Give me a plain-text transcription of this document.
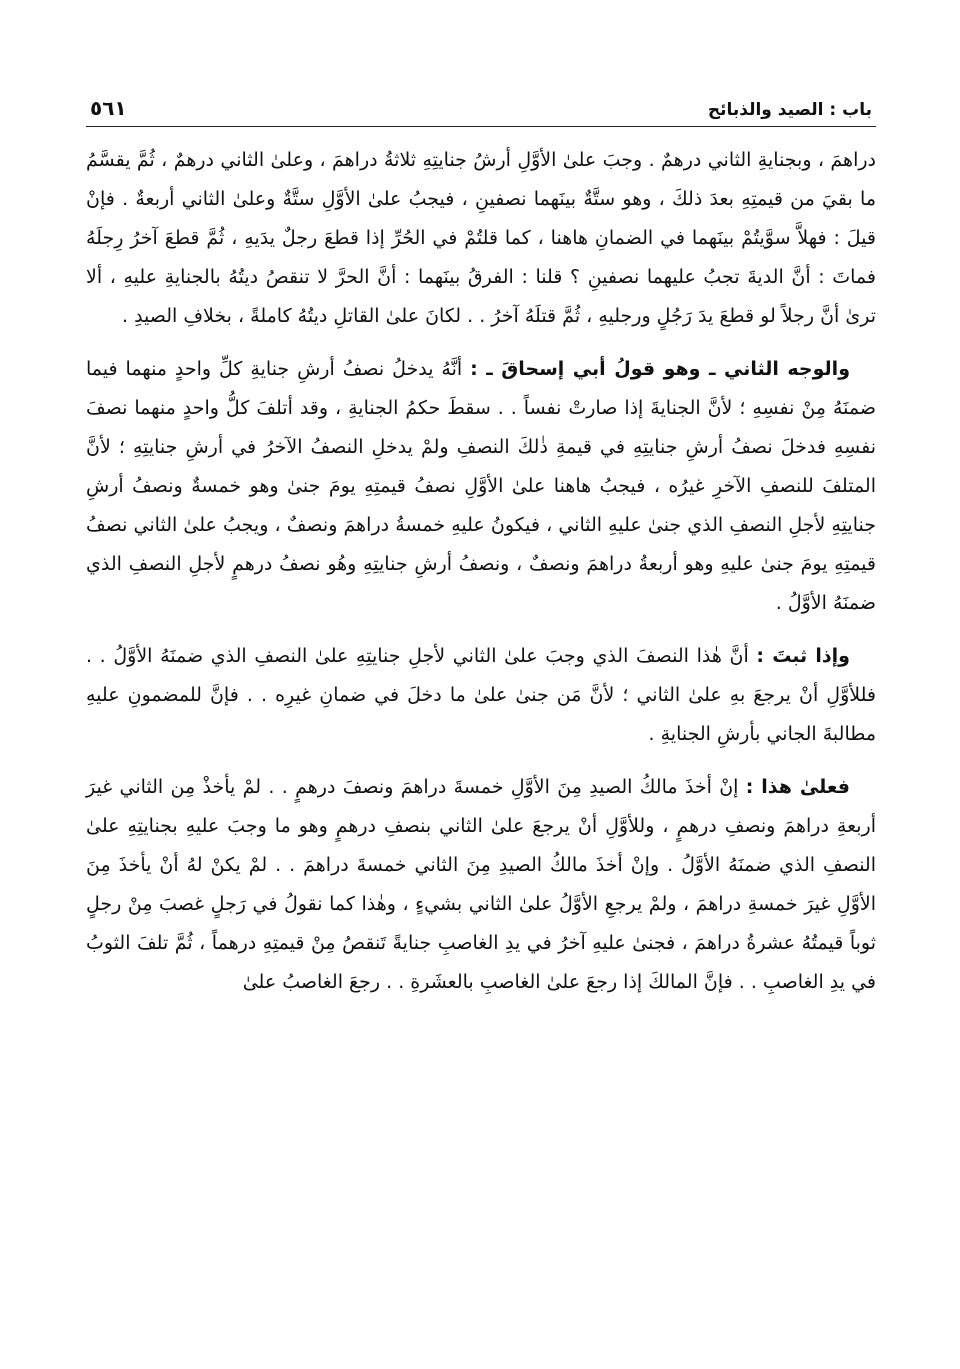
باب : الصيد والذبائح
٥٦١

دراهمَ ، وبجنايةِ الثاني درهمٌ . وجبَ علىٰ الأوَّلِ أرشُ جنايتِهِ ثلاثةُ دراهمَ ، وعلىٰ الثاني درهمٌ ، ثُمَّ يقسَّمُ ما بقيَ من قيمتِهِ بعدَ ذلكَ ، وهو ستَّةٌ بينَهما نصفينِ ، فيجبُ علىٰ الأوَّلِ ستَّةٌ وعلىٰ الثاني أربعةٌ . فإنْ قيلَ : فهلاَّ سوَّيتُمْ بينَهما في الضمانِ هاهنا ، كما قلتُمْ في الحُرِّ إذا قطعَ رجلٌ يدَيهِ ، ثُمَّ قطعَ آخرُ رِجلَهُ فماتَ : أنَّ الديةَ تجبُ عليهما نصفينِ ؟ قلنا : الفرقُ بينَهما : أنَّ الحرَّ لا تنقصُ ديتُهُ بالجنايةِ عليهِ ، ألا ترىٰ أنَّ رجلاً لو قطعَ يدَ رَجُلٍ ورجليهِ ، ثُمَّ قتلَهُ آخرُ . . لكانَ علىٰ القاتلِ ديتُهُ كاملةً ، بخلافِ الصيدِ .

والوجه الثاني ـ وهو قولُ أبي إسحاقَ ـ : أنَّهُ يدخلُ نصفُ أرشِ جنايةِ كلِّ واحدٍ منهما فيما ضمنَهُ مِنْ نفسِهِ ؛ لأنَّ الجنايةَ إذا صارتْ نفساً . . سقطَ حكمُ الجنايةِ ، وقد أتلفَ كلُّ واحدٍ منهما نصفَ نفسِهِ فدخلَ نصفُ أرشِ جنايتِهِ في قيمةِ ذٰلكَ النصفِ ولمْ يدخلِ النصفُ الآخرُ في أرشِ جنايتِهِ ؛ لأنَّ المتلفَ للنصفِ الآخرِ غيرُه ، فيجبُ هاهنا علىٰ الأوَّلِ نصفُ قيمتِهِ يومَ جنىٰ وهو خمسةٌ ونصفُ أرشِ جنايتِهِ لأجلِ النصفِ الذي جنىٰ عليهِ الثاني ، فيكونُ عليهِ خمسةُ دراهمَ ونصفٌ ، ويجبُ علىٰ الثاني نصفُ قيمتِهِ يومَ جنىٰ عليهِ وهو أربعةُ دراهمَ ونصفٌ ، ونصفُ أرشِ جنايتِهِ وهُو نصفُ درهمٍ لأجلِ النصفِ الذي ضمنَهُ الأوَّلُ .

وإذا ثبتَ : أنَّ هٰذا النصفَ الذي وجبَ علىٰ الثاني لأجلِ جنايتِهِ علىٰ النصفِ الذي ضمنَهُ الأوَّلُ . . فللأوَّلِ أنْ يرجعَ بهِ علىٰ الثاني ؛ لأنَّ مَن جنىٰ علىٰ ما دخلَ في ضمانِ غيرِه . . فإنَّ للمضمونِ عليهِ مطالبةَ الجاني بأرشِ الجنايةِ .

فعلىٰ هذا : إنْ أخذَ مالكُ الصيدِ مِنَ الأوَّلِ خمسةَ دراهمَ ونصفَ درهمٍ . . لمْ يأخذْ مِن الثاني غيرَ أربعةِ دراهمَ ونصفِ درهمٍ ، وللأوَّلِ أنْ يرجعَ علىٰ الثاني بنصفِ درهمٍ وهو ما وجبَ عليهِ بجنايتِهِ علىٰ النصفِ الذي ضمنَهُ الأوَّلُ . وإنْ أخذَ مالكُ الصيدِ مِنَ الثاني خمسةَ دراهمَ . . لمْ يكنْ لهُ أنْ يأخذَ مِنَ الأوَّلِ غيرَ خمسةِ دراهمَ ، ولمْ يرجعِ الأوَّلُ علىٰ الثاني بشيءٍ ، وهٰذا كما نقولُ في رَجلٍ غصبَ مِنْ رجلٍ ثوباً قيمتُهُ عشرةُ دراهمَ ، فجنىٰ عليهِ آخرُ في يدِ الغاصبِ جنايةً تَنقصُ مِنْ قيمتِهِ درهماً ، ثُمَّ تلفَ الثوبُ في يدِ الغاصبِ . . فإنَّ المالكَ إذا رجعَ علىٰ الغاصبِ بالعشَرةِ . . رجعَ الغاصبُ علىٰ
